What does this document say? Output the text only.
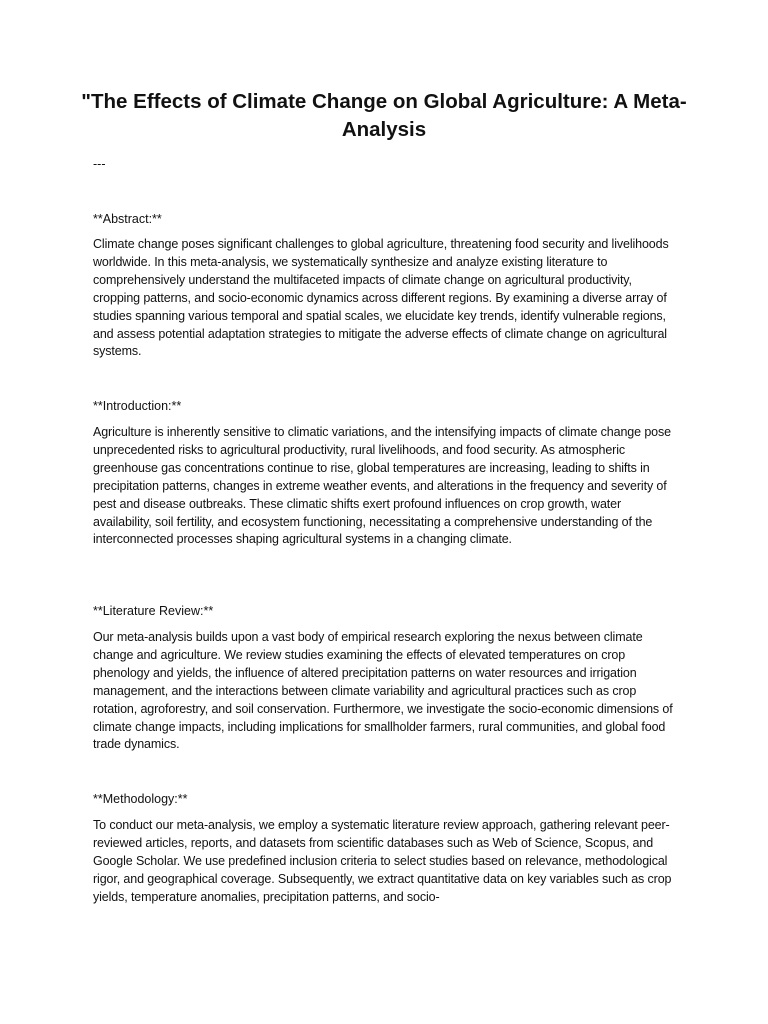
"The Effects of Climate Change on Global Agriculture: A Meta-Analysis
---
**Abstract:**

Climate change poses significant challenges to global agriculture, threatening food security and livelihoods worldwide. In this meta-analysis, we systematically synthesize and analyze existing literature to comprehensively understand the multifaceted impacts of climate change on agricultural productivity, cropping patterns, and socio-economic dynamics across different regions. By examining a diverse array of studies spanning various temporal and spatial scales, we elucidate key trends, identify vulnerable regions, and assess potential adaptation strategies to mitigate the adverse effects of climate change on agricultural systems.

**Introduction:**

Agriculture is inherently sensitive to climatic variations, and the intensifying impacts of climate change pose unprecedented risks to agricultural productivity, rural livelihoods, and food security. As atmospheric greenhouse gas concentrations continue to rise, global temperatures are increasing, leading to shifts in precipitation patterns, changes in extreme weather events, and alterations in the frequency and severity of pest and disease outbreaks. These climatic shifts exert profound influences on crop growth, water availability, soil fertility, and ecosystem functioning, necessitating a comprehensive understanding of the interconnected processes shaping agricultural systems in a changing climate.

**Literature Review:**

Our meta-analysis builds upon a vast body of empirical research exploring the nexus between climate change and agriculture. We review studies examining the effects of elevated temperatures on crop phenology and yields, the influence of altered precipitation patterns on water resources and irrigation management, and the interactions between climate variability and agricultural practices such as crop rotation, agroforestry, and soil conservation. Furthermore, we investigate the socio-economic dimensions of climate change impacts, including implications for smallholder farmers, rural communities, and global food trade dynamics.

**Methodology:**

To conduct our meta-analysis, we employ a systematic literature review approach, gathering relevant peer-reviewed articles, reports, and datasets from scientific databases such as Web of Science, Scopus, and Google Scholar. We use predefined inclusion criteria to select studies based on relevance, methodological rigor, and geographical coverage. Subsequently, we extract quantitative data on key variables such as crop yields, temperature anomalies, precipitation patterns, and socio-
